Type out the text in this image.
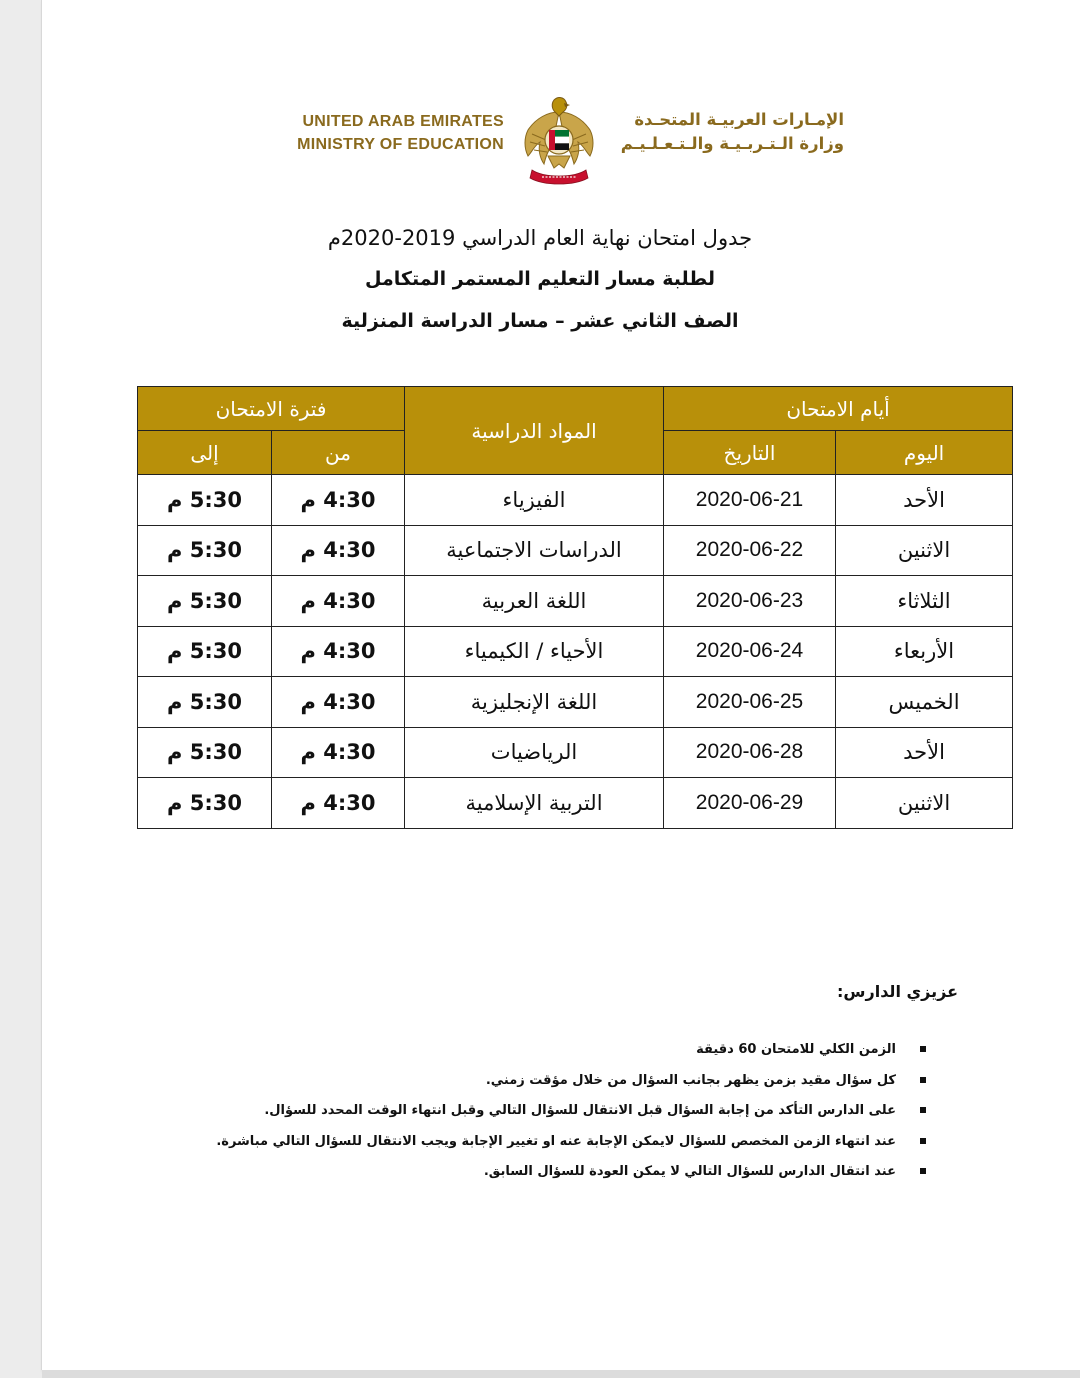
UNITED ARAB EMIRATES
MINISTRY OF EDUCATION
الإمـارات العربيـة المتحـدة
وزارة الـتـربـيـة والـتـعـلـيـم
جدول امتحان نهاية العام الدراسي 2019-2020م
لطلبة مسار التعليم المستمر المتكامل
الصف الثاني عشر – مسار الدراسة المنزلية
أيام الامتحان		المواد الدراسية	فترة الامتحان	
اليوم	التاريخ		من	إلى
الأحد	2020-06-21	الفيزياء	4:30 م	5:30 م
الاثنين	2020-06-22	الدراسات الاجتماعية	4:30 م	5:30 م
الثلاثاء	2020-06-23	اللغة العربية	4:30 م	5:30 م
الأربعاء	2020-06-24	الأحياء / الكيمياء	4:30 م	5:30 م
الخميس	2020-06-25	اللغة الإنجليزية	4:30 م	5:30 م
الأحد	2020-06-28	الرياضيات	4:30 م	5:30 م
الاثنين	2020-06-29	التربية الإسلامية	4:30 م	5:30 م
عزيزي الدارس:
الزمن الكلي للامتحان 60 دقيقة
كل سؤال مقيد بزمن يظهر بجانب السؤال من خلال مؤقت زمني.
على الدارس التأكد من إجابة السؤال قبل الانتقال للسؤال التالي وقبل انتهاء الوقت المحدد للسؤال.
عند انتهاء الزمن المخصص للسؤال لايمكن الإجابة عنه او تغيير الإجابة ويجب الانتقال للسؤال التالي مباشرة.
عند انتقال الدارس للسؤال التالي لا يمكن العودة للسؤال السابق.
